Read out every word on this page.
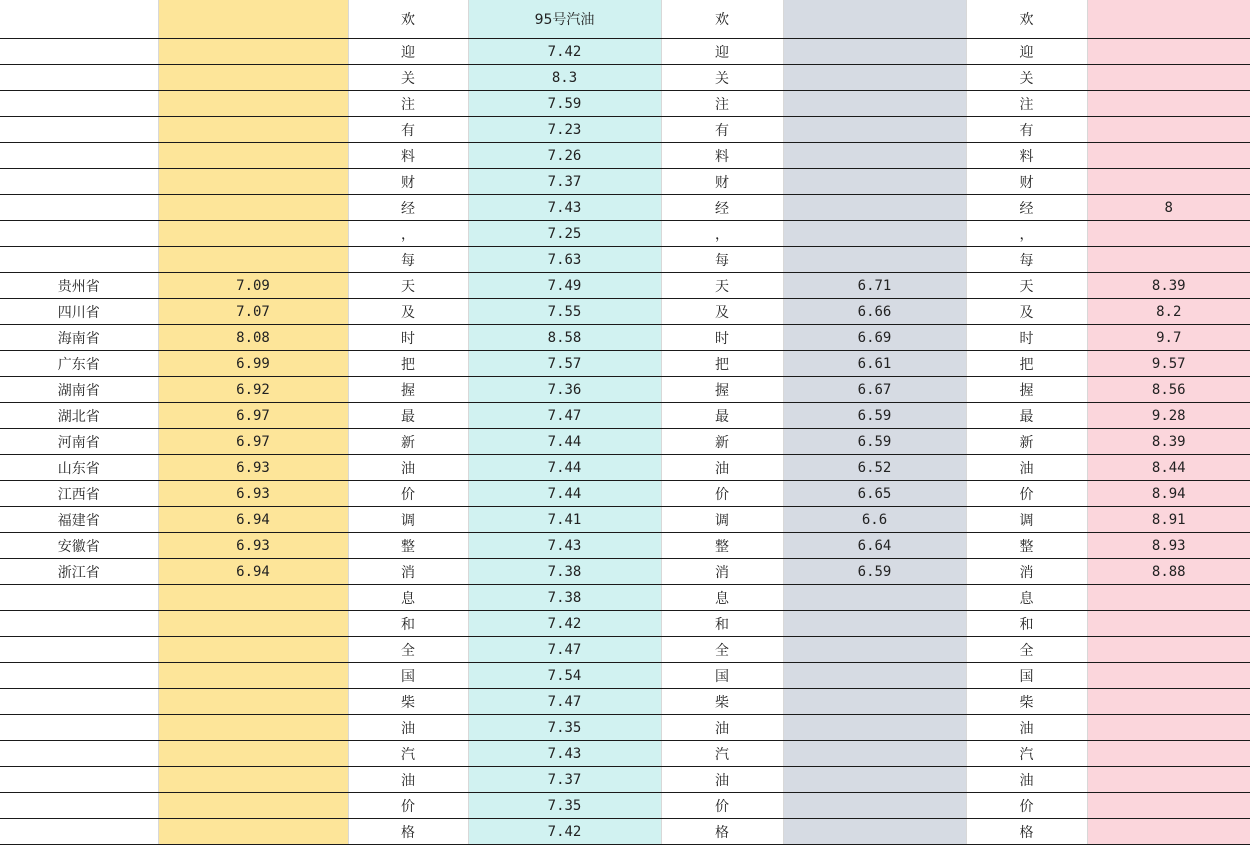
		欢	95号汽油	欢		欢	
		迎	7.42	迎		迎	
		关	8.3	关		关	
		注	7.59	注		注	
		有	7.23	有		有	
		料	7.26	料		料	
		财	7.37	财		财	
		经	7.43	经		经	8
		，	7.25	，		，	
		每	7.63	每		每	
贵州省	7.09	天	7.49	天	6.71	天	8.39
四川省	7.07	及	7.55	及	6.66	及	8.2
海南省	8.08	时	8.58	时	6.69	时	9.7
广东省	6.99	把	7.57	把	6.61	把	9.57
湖南省	6.92	握	7.36	握	6.67	握	8.56
湖北省	6.97	最	7.47	最	6.59	最	9.28
河南省	6.97	新	7.44	新	6.59	新	8.39
山东省	6.93	油	7.44	油	6.52	油	8.44
江西省	6.93	价	7.44	价	6.65	价	8.94
福建省	6.94	调	7.41	调	6.6	调	8.91
安徽省	6.93	整	7.43	整	6.64	整	8.93
浙江省	6.94	消	7.38	消	6.59	消	8.88
		息	7.38	息		息	
		和	7.42	和		和	
		全	7.47	全		全	
		国	7.54	国		国	
		柴	7.47	柴		柴	
		油	7.35	油		油	
		汽	7.43	汽		汽	
		油	7.37	油		油	
		价	7.35	价		价	
		格	7.42	格		格	
